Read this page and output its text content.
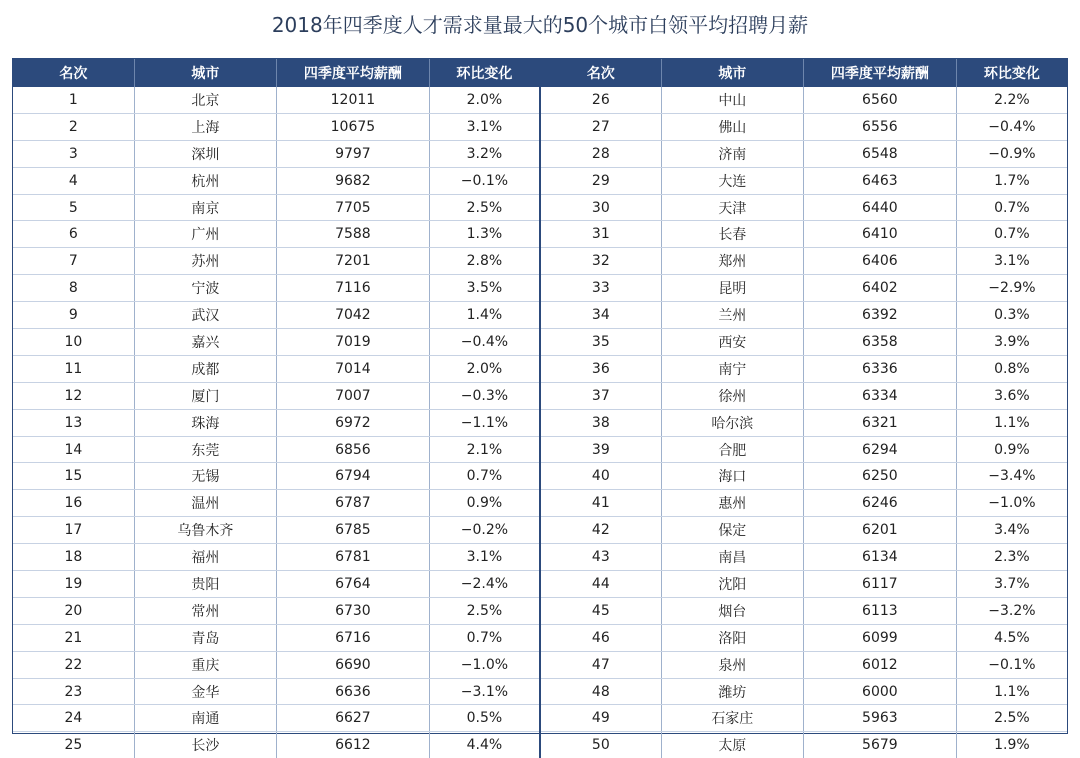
2018年四季度人才需求量最大的50个城市白领平均招聘月薪
名次	城市	四季度平均薪酬	环比变化	名次	城市	四季度平均薪酬	环比变化
1	北京	12011	2.0%	26	中山	6560	2.2%
2	上海	10675	3.1%	27	佛山	6556	−0.4%
3	深圳	9797	3.2%	28	济南	6548	−0.9%
4	杭州	9682	−0.1%	29	大连	6463	1.7%
5	南京	7705	2.5%	30	天津	6440	0.7%
6	广州	7588	1.3%	31	长春	6410	0.7%
7	苏州	7201	2.8%	32	郑州	6406	3.1%
8	宁波	7116	3.5%	33	昆明	6402	−2.9%
9	武汉	7042	1.4%	34	兰州	6392	0.3%
10	嘉兴	7019	−0.4%	35	西安	6358	3.9%
11	成都	7014	2.0%	36	南宁	6336	0.8%
12	厦门	7007	−0.3%	37	徐州	6334	3.6%
13	珠海	6972	−1.1%	38	哈尔滨	6321	1.1%
14	东莞	6856	2.1%	39	合肥	6294	0.9%
15	无锡	6794	0.7%	40	海口	6250	−3.4%
16	温州	6787	0.9%	41	惠州	6246	−1.0%
17	乌鲁木齐	6785	−0.2%	42	保定	6201	3.4%
18	福州	6781	3.1%	43	南昌	6134	2.3%
19	贵阳	6764	−2.4%	44	沈阳	6117	3.7%
20	常州	6730	2.5%	45	烟台	6113	−3.2%
21	青岛	6716	0.7%	46	洛阳	6099	4.5%
22	重庆	6690	−1.0%	47	泉州	6012	−0.1%
23	金华	6636	−3.1%	48	潍坊	6000	1.1%
24	南通	6627	0.5%	49	石家庄	5963	2.5%
25	长沙	6612	4.4%	50	太原	5679	1.9%
